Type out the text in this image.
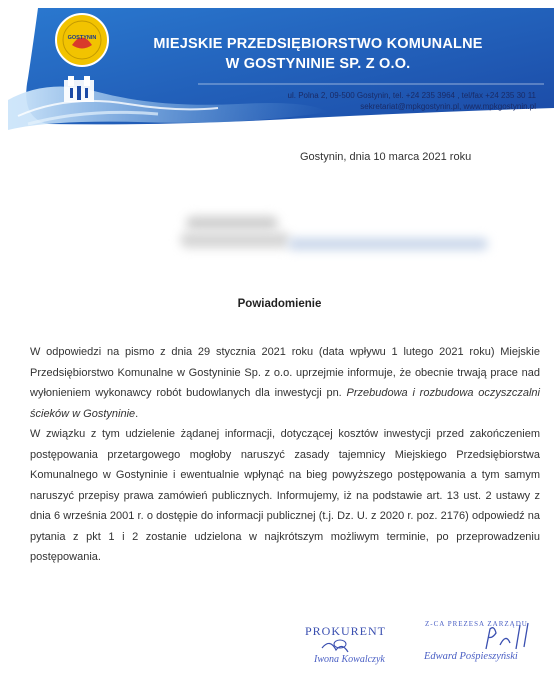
GOSTYNIN	MIEJSKIE PRZEDSIĘBIORSTWO KOMUNALNE
W GOSTYNINIE SP. Z O.O.
ul. Polna 2, 09-500 Gostynin, tel. +24 235 3964 , tel/fax +24 235 30 11
sekretariat@mpkgostynin.pl, www.mpkgostynin.pl
Gostynin, dnia 10 marca 2021 roku
Powiadomienie

W odpowiedzi na pismo z dnia 29 stycznia 2021 roku (data wpływu 1 lutego 2021 roku) Miejskie Przedsiębiorstwo Komunalne w Gostyninie Sp. z o.o. uprzejmie informuje, że obecnie trwają prace nad wyłonieniem wykonawcy robót budowlanych dla inwestycji pn. Przebudowa i rozbudowa oczyszczalni ścieków w Gostyninie.

W związku z tym udzielenie żądanej informacji, dotyczącej kosztów inwestycji przed zakończeniem postępowania przetargowego mogłoby naruszyć zasady tajemnicy Miejskiego Przedsiębiorstwa Komunalnego w Gostyninie i ewentualnie wpłynąć na bieg powyższego postępowania a tym samym naruszyć przepisy prawa zamówień publicznych. Informujemy, iż na podstawie art. 13 ust. 2 ustawy z dnia 6 września 2001 r. o dostępie do informacji publicznej (t.j. Dz. U. z 2020 r. poz. 2176) odpowiedź na pytania z pkt 1 i 2 zostanie udzielona w najkrótszym możliwym terminie, po przeprowadzeniu postępowania.

PROKURENT
Iwona Kowalczyk
Z-CA PREZESA ZARZĄDU
Edward Pośpieszyński
